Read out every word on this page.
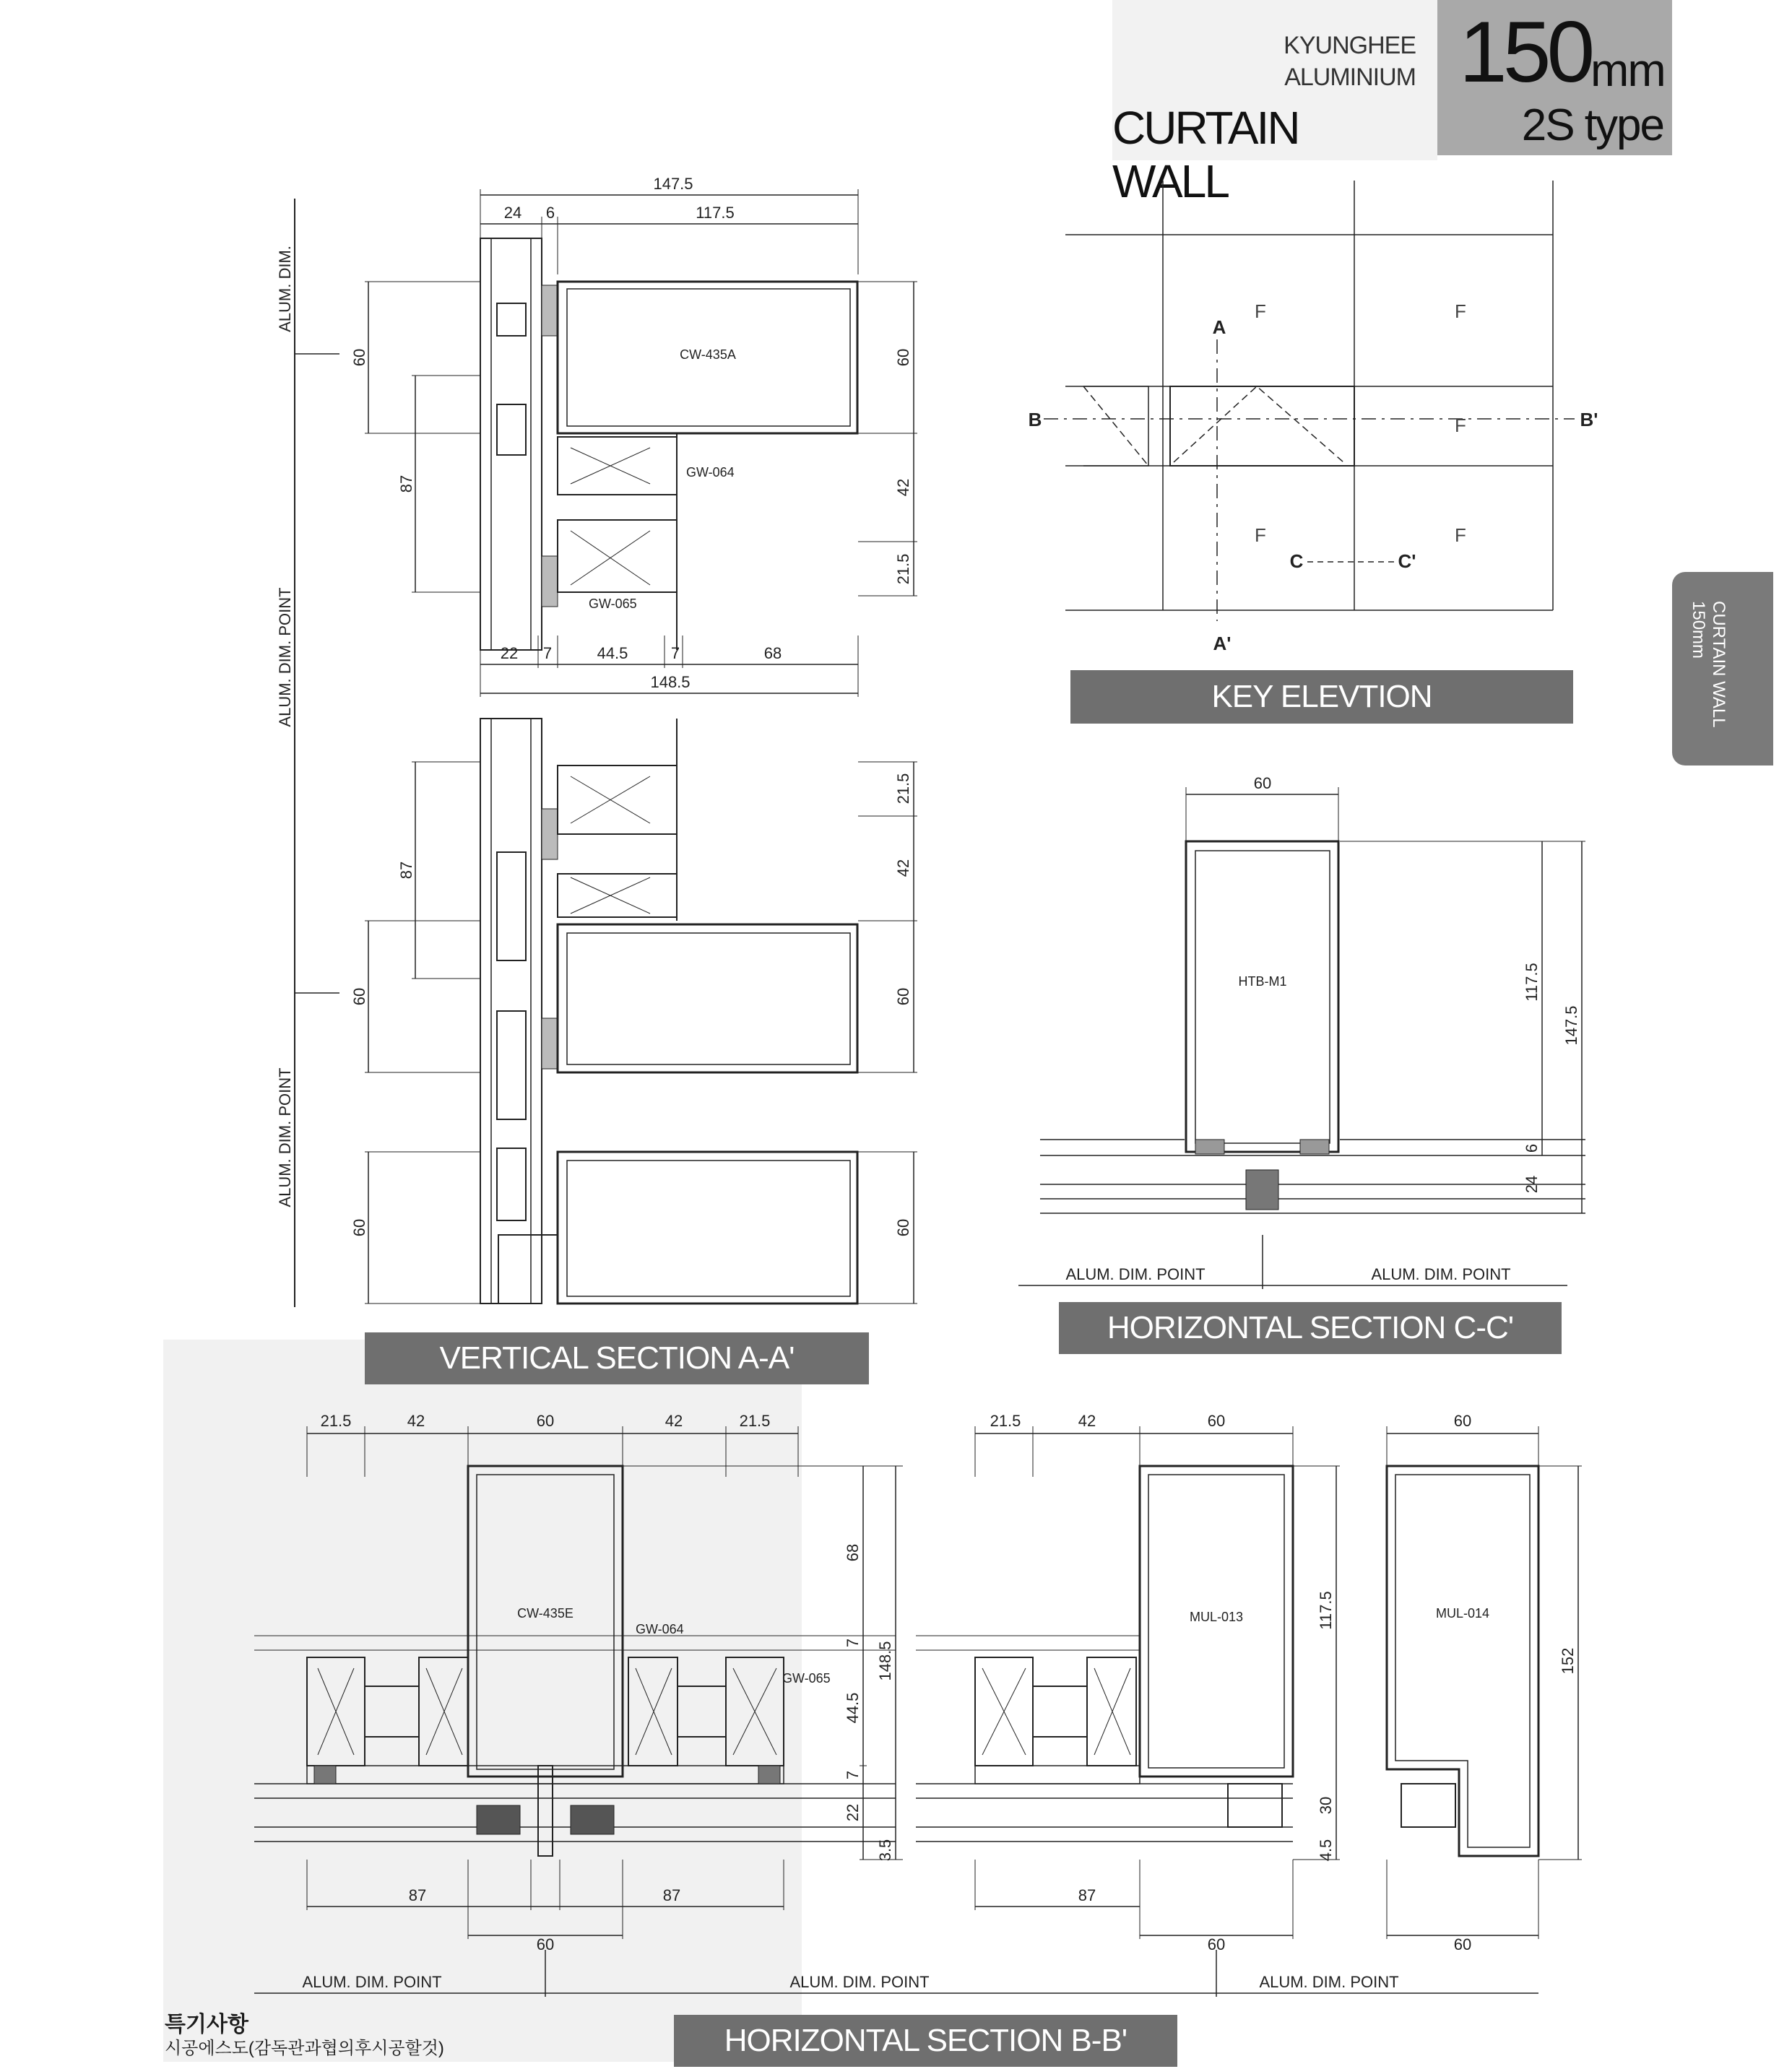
KYUNGHEE
ALUMINIUM
CURTAIN WALL
150 mm
2S type
CURTAIN WALL
150mm
ALUM. DIM.
ALUM. DIM. POINT
ALUM. DIM. POINT
147.5
24 6	117.5
CW-435A
GW-064
GW-065
60
87
60
42
21.5
22 7	44.5	7	68
148.5
87
60
60
21.5
42
60
60
A
A'
B	B'
C	C'
F	F
F
F	F
60
HTB-M1	117.5
147.5
6
24
ALUM. DIM. POINT	ALUM. DIM. POINT
21.5	42	60	42	21.5
CW-435E
GW-064
GW-065
68
148.5
7
44.5
7
22
3.5
87	87
60
21.5	42	60
MUL-013	117.5
30
4.5
87
60
60
MUL-014
152
60
ALUM. DIM. POINT	ALUM. DIM. POINT	ALUM. DIM. POINT
VERTICAL SECTION A-A'
KEY ELEVTION
HORIZONTAL SECTION C-C'
HORIZONTAL SECTION B-B'
특기사항
시공에스도(감독관과협의후시공할것)
